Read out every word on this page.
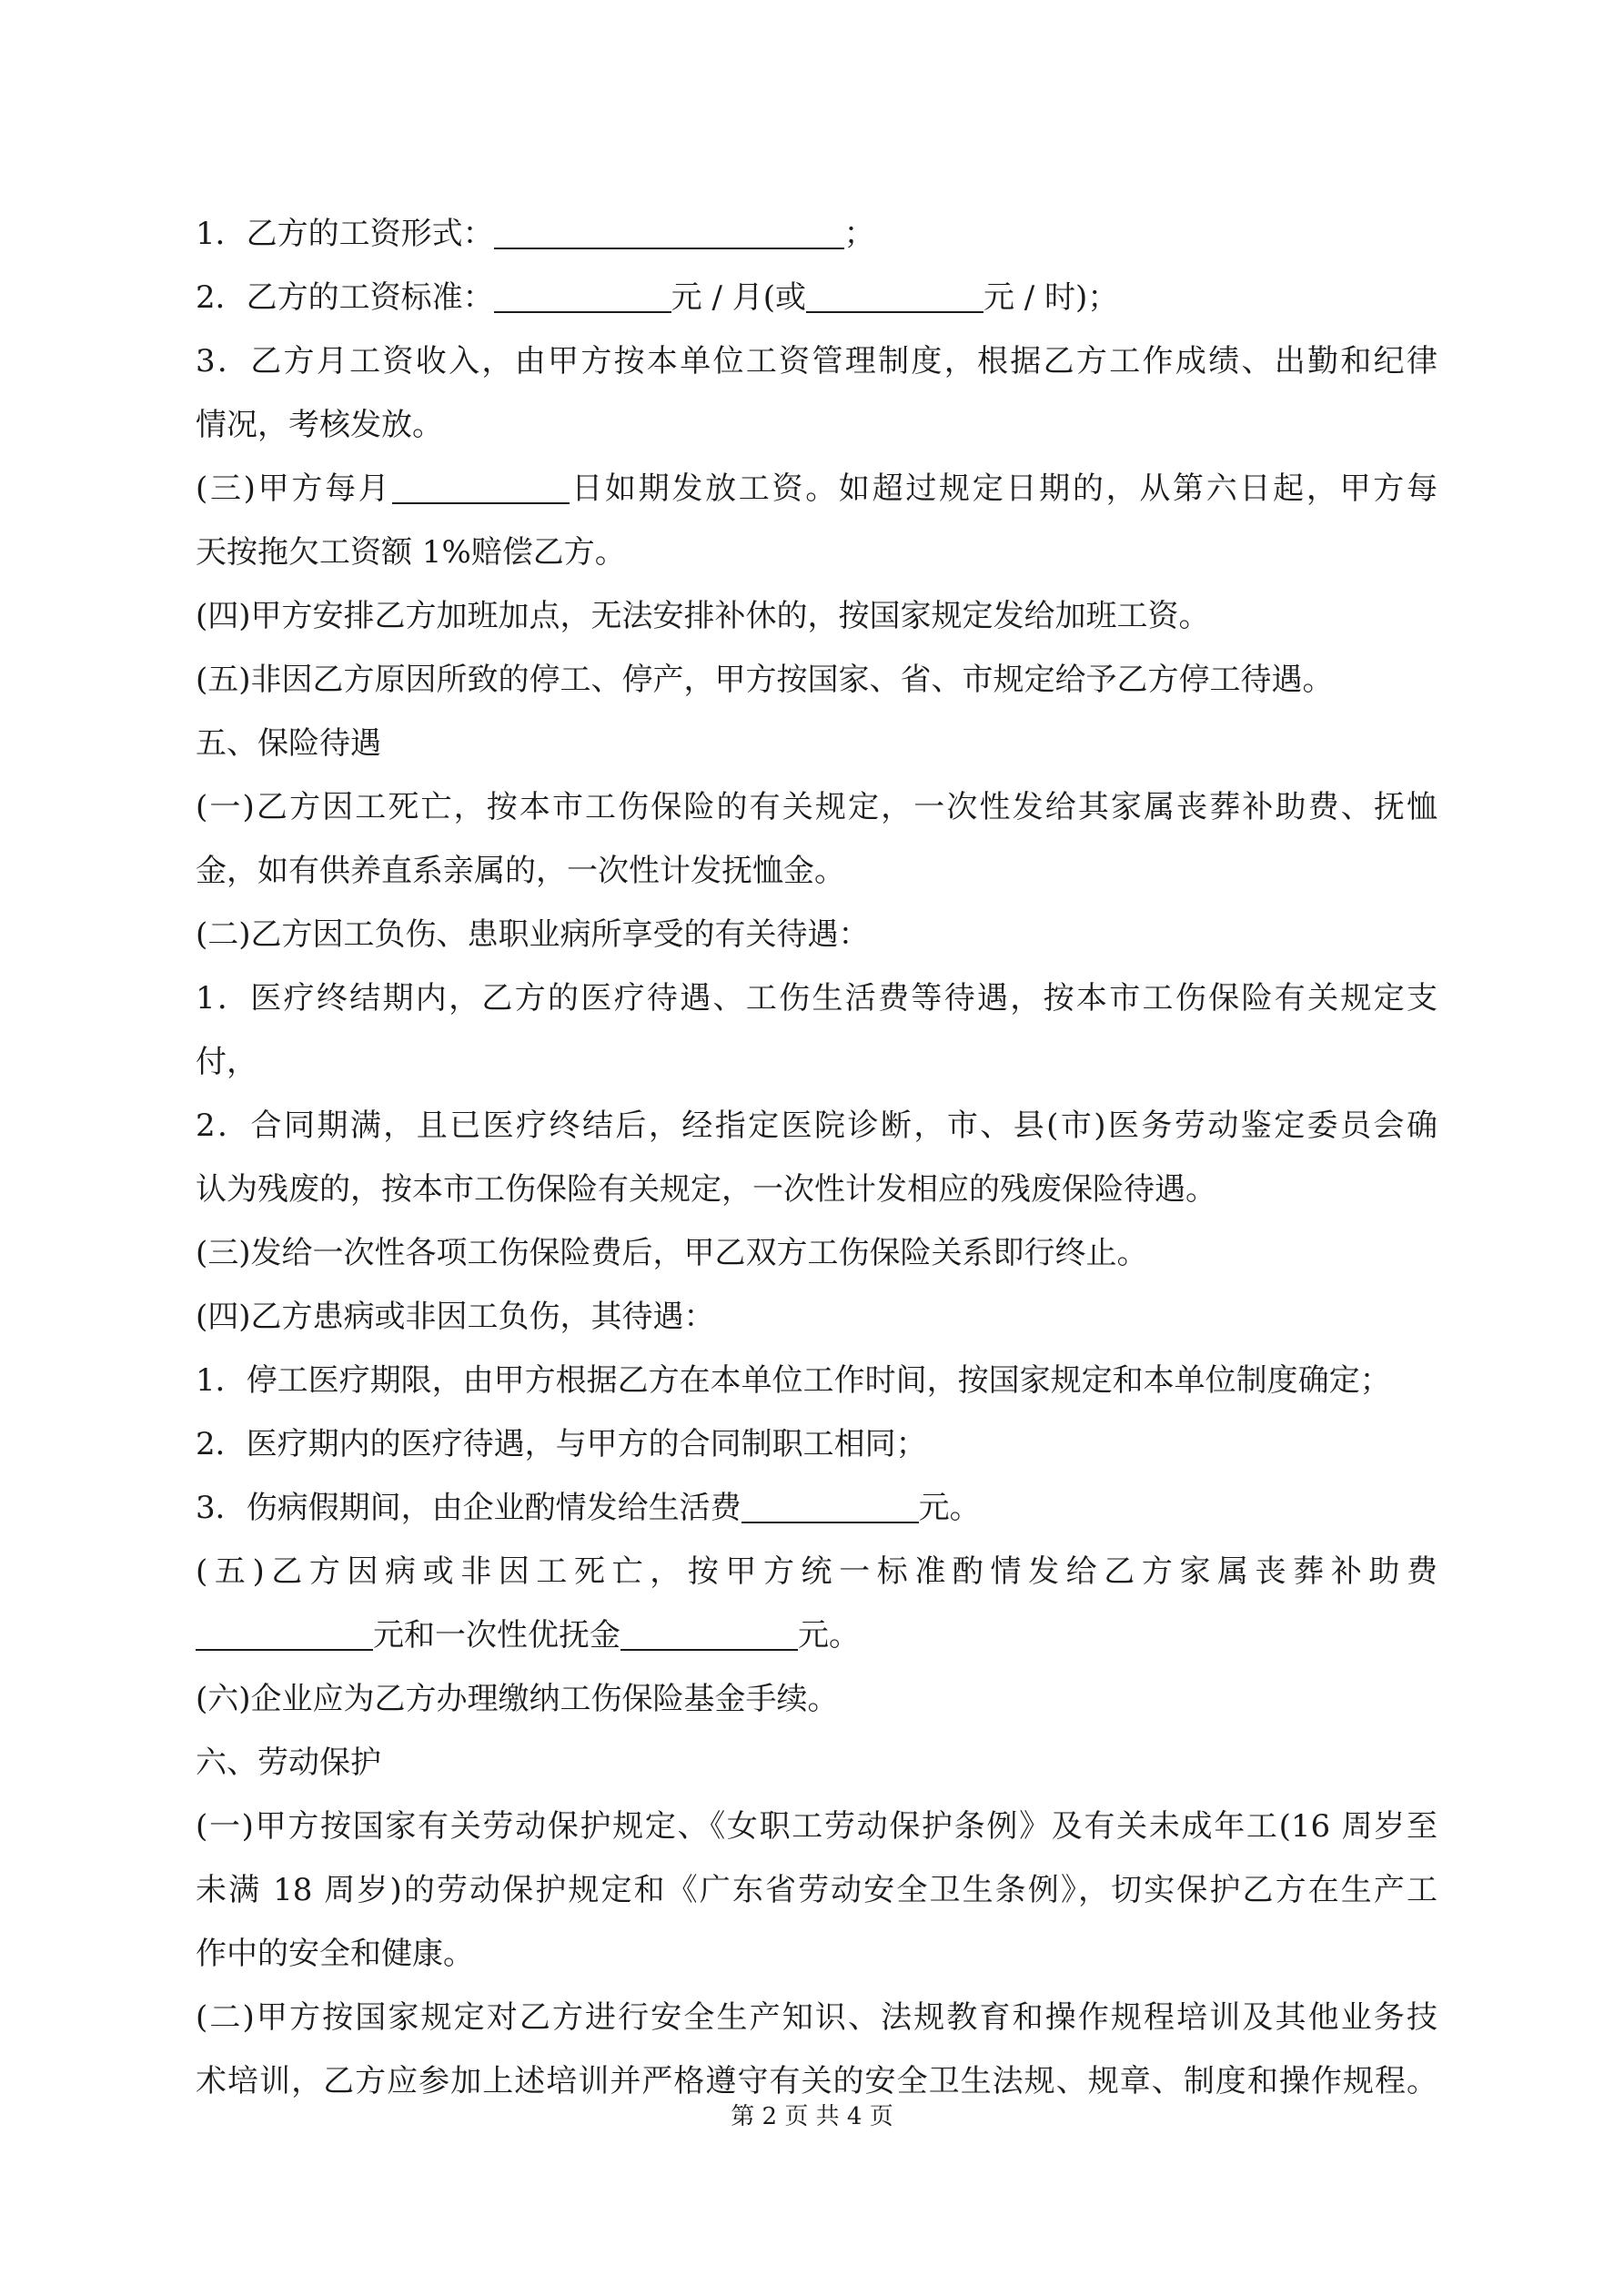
1．乙方的工资形式：	；
2．乙方的工资标准：	元 / 月(或	元 / 时)；
3．乙方月工资收入，由甲方按本单位工资管理制度，根据乙方工作成绩、出勤和纪律
情况，考核发放。
(三)甲方每月	日如期发放工资。如超过规定日期的，从第六日起，甲方每
天按拖欠工资额 1%赔偿乙方。
(四)甲方安排乙方加班加点，无法安排补休的，按国家规定发给加班工资。
(五)非因乙方原因所致的停工、停产，甲方按国家、省、市规定给予乙方停工待遇。
五、保险待遇
(一)乙方因工死亡，按本市工伤保险的有关规定，一次性发给其家属丧葬补助费、抚恤
金，如有供养直系亲属的，一次性计发抚恤金。
(二)乙方因工负伤、患职业病所享受的有关待遇：
1．医疗终结期内，乙方的医疗待遇、工伤生活费等待遇，按本市工伤保险有关规定支
付，
2．合同期满，且已医疗终结后，经指定医院诊断，市、县(市)医务劳动鉴定委员会确
认为残废的，按本市工伤保险有关规定，一次性计发相应的残废保险待遇。
(三)发给一次性各项工伤保险费后，甲乙双方工伤保险关系即行终止。
(四)乙方患病或非因工负伤，其待遇：
1．停工医疗期限，由甲方根据乙方在本单位工作时间，按国家规定和本单位制度确定；
2．医疗期内的医疗待遇，与甲方的合同制职工相同；
3．伤病假期间，由企业酌情发给生活费	元。
(五)乙方因病或非因工死亡，按甲方统一标准酌情发给乙方家属丧葬补助费
元和一次性优抚金	元。
(六)企业应为乙方办理缴纳工伤保险基金手续。
六、劳动保护
(一)甲方按国家有关劳动保护规定、《女职工劳动保护条例》及有关未成年工(16 周岁至
未满 18 周岁)的劳动保护规定和《广东省劳动安全卫生条例》，切实保护乙方在生产工
作中的安全和健康。
(二)甲方按国家规定对乙方进行安全生产知识、法规教育和操作规程培训及其他业务技
术培训，乙方应参加上述培训并严格遵守有关的安全卫生法规、规章、制度和操作规程。
第 2 页 共 4 页
